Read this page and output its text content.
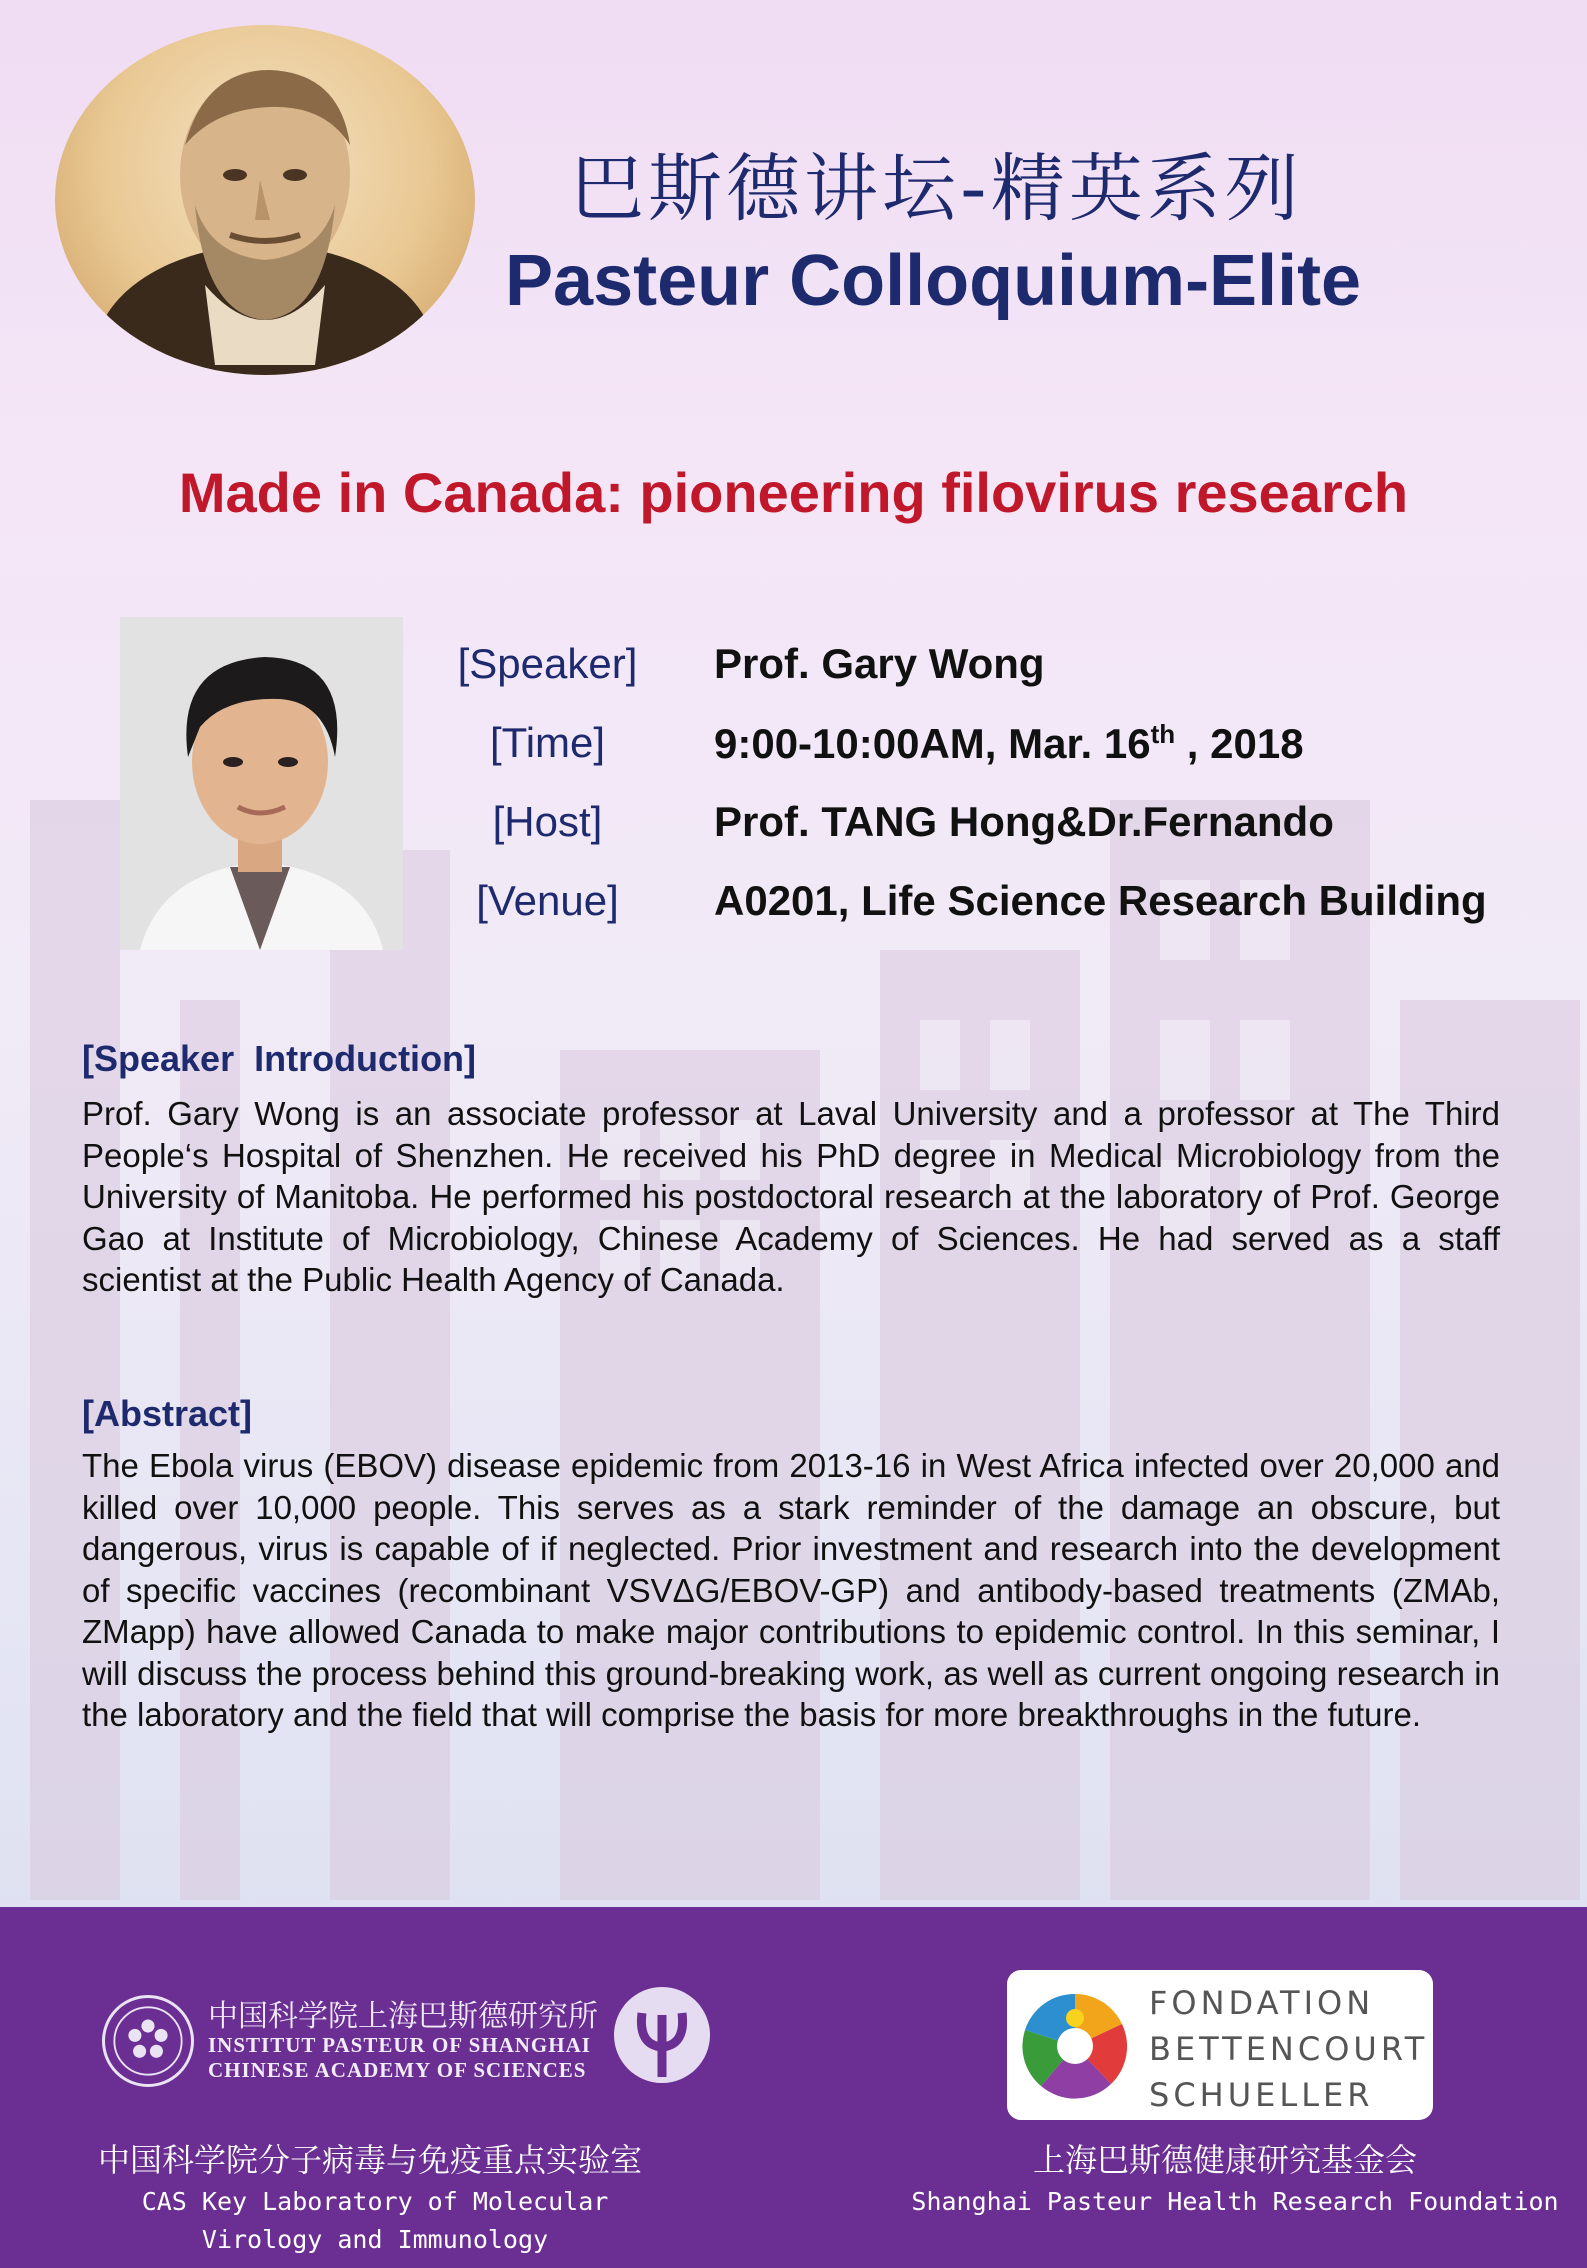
巴斯德讲坛-精英系列
Pasteur Colloquium-Elite
Made in Canada: pioneering filovirus research
[Speaker]	Prof. Gary Wong
[Time]	9:00-10:00AM, Mar. 16th , 2018
[Host]	Prof. TANG Hong&Dr.Fernando
[Venue]	A0201, Life Science Research Building
[Speaker  Introduction]
Prof. Gary Wong is an associate professor at Laval University and a professor at The Third People‘s Hospital of Shenzhen. He received his PhD degree in Medical Microbiology from the University of Manitoba. He performed his postdoctoral research at the laboratory of Prof. George Gao at Institute of Microbiology, Chinese Academy of Sciences. He had served as a staff scientist at the Public Health Agency of Canada.
[Abstract]
The Ebola virus (EBOV) disease epidemic from 2013-16 in West Africa infected over 20,000 and killed over 10,000 people. This serves as a stark reminder of the damage an obscure, but dangerous, virus is capable of if neglected. Prior investment and research into the development of specific vaccines (recombinant VSVΔG/EBOV-GP) and antibody-based treatments (ZMAb, ZMapp) have allowed Canada to make major contributions to epidemic control. In this seminar, I will discuss the process behind this ground-breaking work, as well as current ongoing research in the laboratory and the field that will comprise the basis for more breakthroughs in the future.
中国科学院上海巴斯德研究所
INSTITUT PASTEUR OF SHANGHAI
CHINESE ACADEMY OF SCIENCES
FONDATION
BETTENCOURT
SCHUELLER
中国科学院分子病毒与免疫重点实验室
CAS Key Laboratory of Molecular Virology and Immunology
上海巴斯德健康研究基金会
Shanghai Pasteur Health Research Foundation
